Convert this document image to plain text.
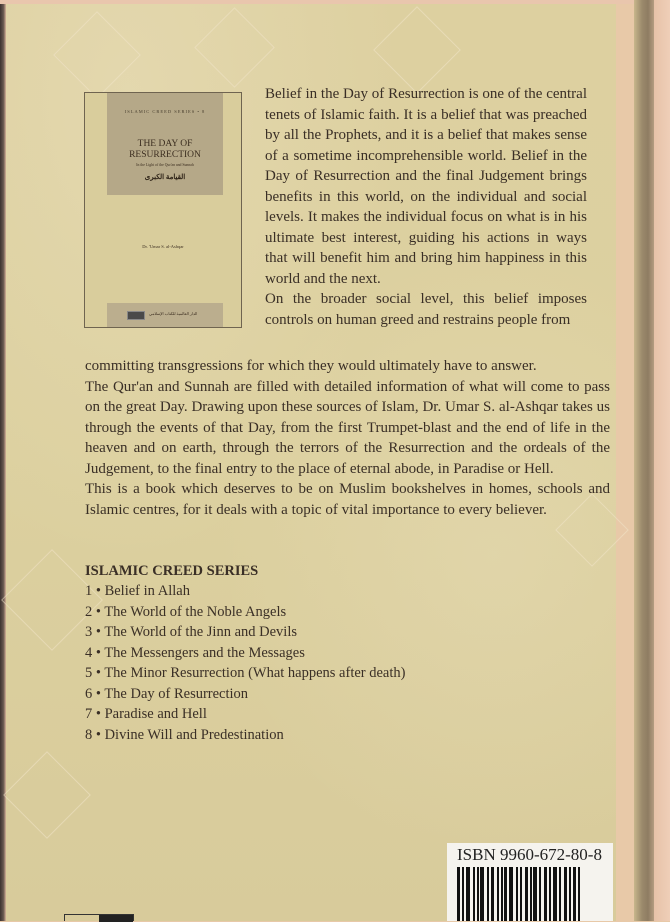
ISLAMIC CREED SERIES • 8
THE DAY OF
RESURRECTION
In the Light of the Qur'an and Sunnah
القيامة الكبرى
Dr. 'Umar S. al-Ashqar
الدار العالمية للكتاب الإسلامي

Belief in the Day of Resurrection is one of the central tenets of Islamic faith. It is a belief that was preached by all the Prophets, and it is a belief that makes sense of a sometime incomprehensible world. Belief in the Day of Resurrection and the final Judgement brings benefits in this world, on the individual and social levels. It makes the individual focus on what is in his ultimate best interest, guiding his actions in ways that will benefit him and bring him happiness in this world and the next.

On the broader social level, this belief imposes controls on human greed and restrains people from

committing transgressions for which they would ultimately have to answer.

The Qur'an and Sunnah are filled with detailed information of what will come to pass on the great Day. Drawing upon these sources of Islam, Dr. Umar S. al-Ashqar takes us through the events of that Day, from the first Trumpet-blast and the end of life in the heaven and on earth, through the terrors of the Resurrection and the ordeals of the Judgement, to the final entry to the place of eternal abode, in Paradise or Hell.

This is a book which deserves to be on Muslim bookshelves in homes, schools and Islamic centres, for it deals with a topic of vital importance to every believer.

ISLAMIC CREED SERIES
1 • Belief in Allah
2 • The World of the Noble Angels
3 • The World of the Jinn and Devils
4 • The Messengers and the Messages
5 • The Minor Resurrection (What happens after death)
6 • The Day of Resurrection
7 • Paradise and Hell
8 • Divine Will and Predestination
ISBN 9960-672-80-8
